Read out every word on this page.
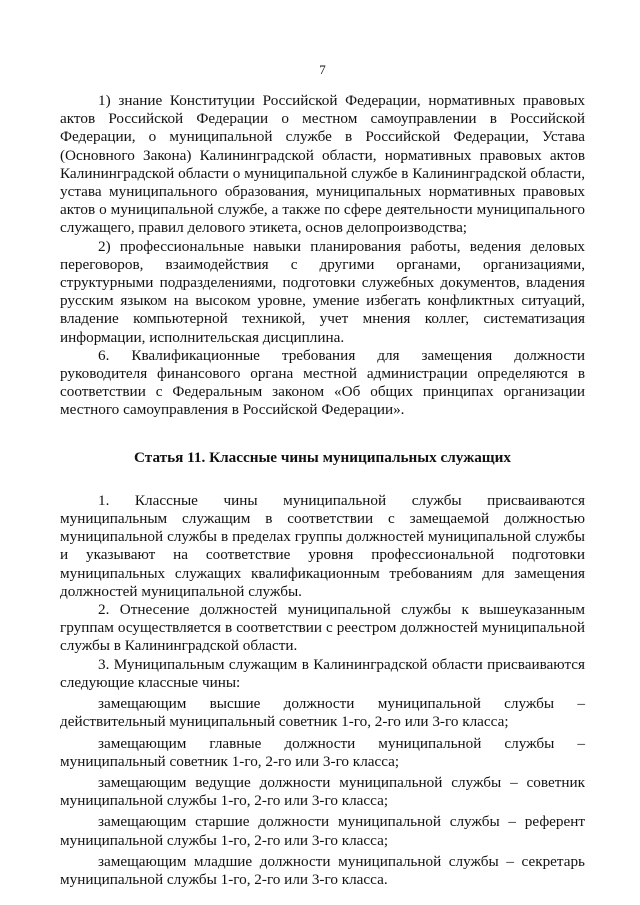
7

1) знание Конституции Российской Федерации, нормативных правовых актов Российской Федерации о местном самоуправлении в Российской Федерации, о муниципальной службе в Российской Федерации, Устава (Основного Закона) Калининградской области, нормативных правовых актов Калининградской области о муниципальной службе в Калининградской области, устава муниципального образования, муниципальных нормативных правовых актов о муниципальной службе, а также по сфере деятельности муниципального служащего, правил делового этикета, основ делопроизводства;

2) профессиональные навыки планирования работы, ведения деловых переговоров, взаимодействия с другими органами, организациями, структурными подразделениями, подготовки служебных документов, владения русским языком на высоком уровне, умение избегать конфликтных ситуаций, владение компьютерной техникой, учет мнения коллег, систематизация информации, исполнительская дисциплина.

6. Квалификационные требования для замещения должности руководителя финансового органа местной администрации определяются в соответствии с Федеральным законом «Об общих принципах организации местного самоуправления в Российской Федерации».

Статья 11. Классные чины муниципальных служащих

1. Классные чины муниципальной службы присваиваются муниципальным служащим в соответствии с замещаемой должностью муниципальной службы в пределах группы должностей муниципальной службы и указывают на соответствие уровня профессиональной подготовки муниципальных служащих квалификационным требованиям для замещения должностей муниципальной службы.

2. Отнесение должностей муниципальной службы к вышеуказанным группам осуществляется в соответствии с реестром должностей муниципальной службы в Калининградской области.

3. Муниципальным служащим в Калининградской области присваиваются следующие классные чины:

замещающим высшие должности муниципальной службы – действительный муниципальный советник 1-го, 2-го или 3-го класса;

замещающим главные должности муниципальной службы – муниципальный советник 1-го, 2-го или 3-го класса;

замещающим ведущие должности муниципальной службы – советник муниципальной службы 1-го, 2-го или 3-го класса;

замещающим старшие должности муниципальной службы – референт муниципальной службы 1-го, 2-го или 3-го класса;

замещающим младшие должности муниципальной службы – секретарь муниципальной службы 1-го, 2-го или 3-го класса.
